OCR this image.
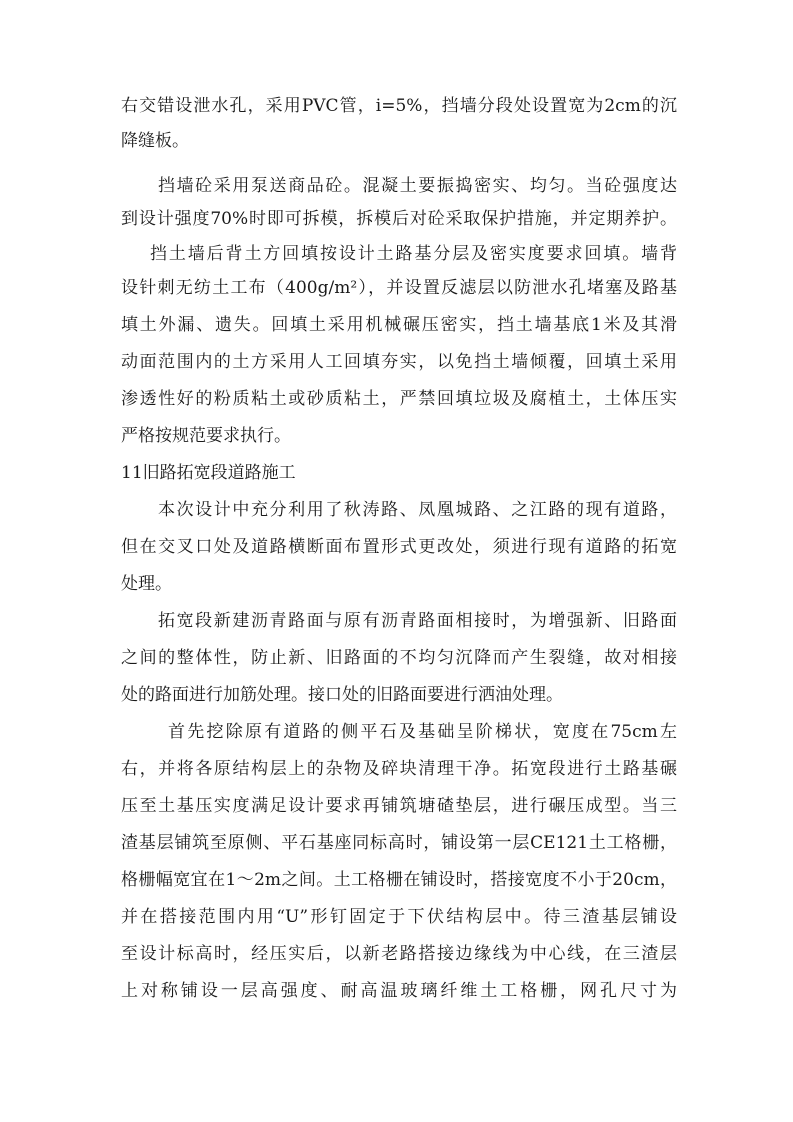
右交错设泄水孔，采用PVC管，i=5%，挡墙分段处设置宽为2cm的沉
降缝板。
挡墙砼采用泵送商品砼。混凝土要振捣密实、均匀。当砼强度达
到设计强度70%时即可拆模，拆模后对砼采取保护措施，并定期养护。
挡土墙后背土方回填按设计土路基分层及密实度要求回填。墙背
设针刺无纺土工布（400g/m²），并设置反滤层以防泄水孔堵塞及路基
填土外漏、遗失。回填土采用机械碾压密实，挡土墙基底1米及其滑
动面范围内的土方采用人工回填夯实，以免挡土墙倾覆，回填土采用
渗透性好的粉质粘土或砂质粘土，严禁回填垃圾及腐植土，土体压实
严格按规范要求执行。
11旧路拓宽段道路施工
本次设计中充分利用了秋涛路、凤凰城路、之江路的现有道路，
但在交叉口处及道路横断面布置形式更改处，须进行现有道路的拓宽
处理。
拓宽段新建沥青路面与原有沥青路面相接时，为增强新、旧路面
之间的整体性，防止新、旧路面的不均匀沉降而产生裂缝，故对相接
处的路面进行加筋处理。接口处的旧路面要进行洒油处理。
首先挖除原有道路的侧平石及基础呈阶梯状，宽度在75cm左
右，并将各原结构层上的杂物及碎块清理干净。拓宽段进行土路基碾
压至土基压实度满足设计要求再铺筑塘碴垫层，进行碾压成型。当三
渣基层铺筑至原侧、平石基座同标高时，铺设第一层CE121土工格栅，
格栅幅宽宜在1～2m之间。土工格栅在铺设时，搭接宽度不小于20cm，
并在搭接范围内用“U”形钉固定于下伏结构层中。待三渣基层铺设
至设计标高时，经压实后，以新老路搭接边缘线为中心线，在三渣层
上对称铺设一层高强度、耐高温玻璃纤维土工格栅，网孔尺寸为
